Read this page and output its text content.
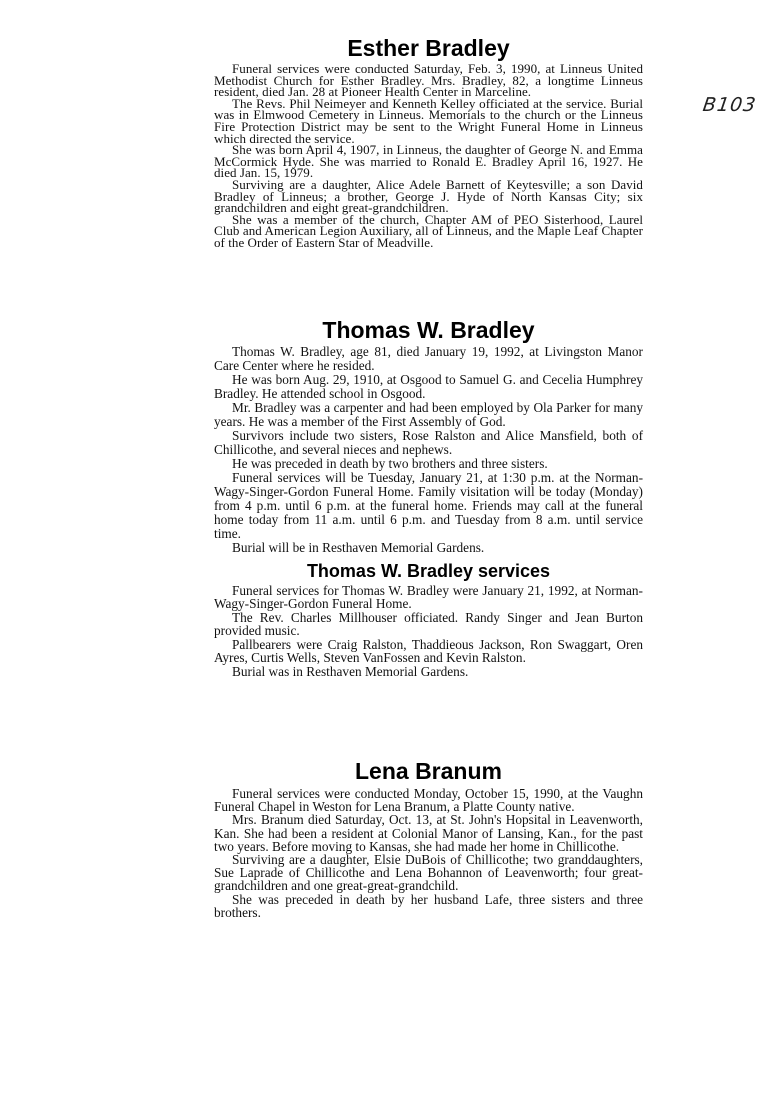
B103
Esther Bradley

Funeral services were conducted Saturday, Feb. 3, 1990, at Linneus United Methodist Church for Esther Bradley. Mrs. Bradley, 82, a longtime Linneus resident, died Jan. 28 at Pioneer Health Center in Marceline.

The Revs. Phil Neimeyer and Kenneth Kelley officiated at the service. Burial was in Elmwood Cemetery in Linneus. Memorials to the church or the Linneus Fire Protection District may be sent to the Wright Funeral Home in Linneus which directed the service.

She was born April 4, 1907, in Linneus, the daughter of George N. and Emma McCormick Hyde. She was married to Ronald E. Bradley April 16, 1927. He died Jan. 15, 1979.

Surviving are a daughter, Alice Adele Barnett of Keytesville; a son David Bradley of Linneus; a brother, George J. Hyde of North Kansas City; six grandchildren and eight great-grandchildren.

She was a member of the church, Chapter AM of PEO Sisterhood, Laurel Club and American Legion Auxiliary, all of Linneus, and the Maple Leaf Chapter of the Order of Eastern Star of Meadville.

Thomas W. Bradley

Thomas W. Bradley, age 81, died January 19, 1992, at Livingston Manor Care Center where he resided.

He was born Aug. 29, 1910, at Osgood to Samuel G. and Cecelia Humphrey Bradley. He attended school in Osgood.

Mr. Bradley was a carpenter and had been employed by Ola Parker for many years. He was a member of the First Assembly of God.

Survivors include two sisters, Rose Ralston and Alice Mansfield, both of Chillicothe, and several nieces and nephews.

He was preceded in death by two brothers and three sisters.

Funeral services will be Tuesday, January 21, at 1:30 p.m. at the Norman-Wagy-Singer-Gordon Funeral Home. Family visitation will be today (Monday) from 4 p.m. until 6 p.m. at the funeral home. Friends may call at the funeral home today from 11 a.m. until 6 p.m. and Tuesday from 8 a.m. until service time.

Burial will be in Resthaven Memorial Gardens.

Thomas W. Bradley services

Funeral services for Thomas W. Bradley were January 21, 1992, at Norman-Wagy-Singer-Gordon Funeral Home.

The Rev. Charles Millhouser officiated. Randy Singer and Jean Burton provided music.

Pallbearers were Craig Ralston, Thaddieous Jackson, Ron Swaggart, Oren Ayres, Curtis Wells, Steven VanFossen and Kevin Ralston.

Burial was in Resthaven Memorial Gardens.

Lena Branum

Funeral services were conducted Monday, October 15, 1990, at the Vaughn Funeral Chapel in Weston for Lena Branum, a Platte County native.

Mrs. Branum died Saturday, Oct. 13, at St. John's Hopsital in Leavenworth, Kan. She had been a resident at Colonial Manor of Lansing, Kan., for the past two years. Before moving to Kansas, she had made her home in Chillicothe.

Surviving are a daughter, Elsie DuBois of Chillicothe; two granddaughters, Sue Laprade of Chillicothe and Lena Bohannon of Leavenworth; four great-grandchildren and one great-great-grandchild.

She was preceded in death by her husband Lafe, three sisters and three brothers.
